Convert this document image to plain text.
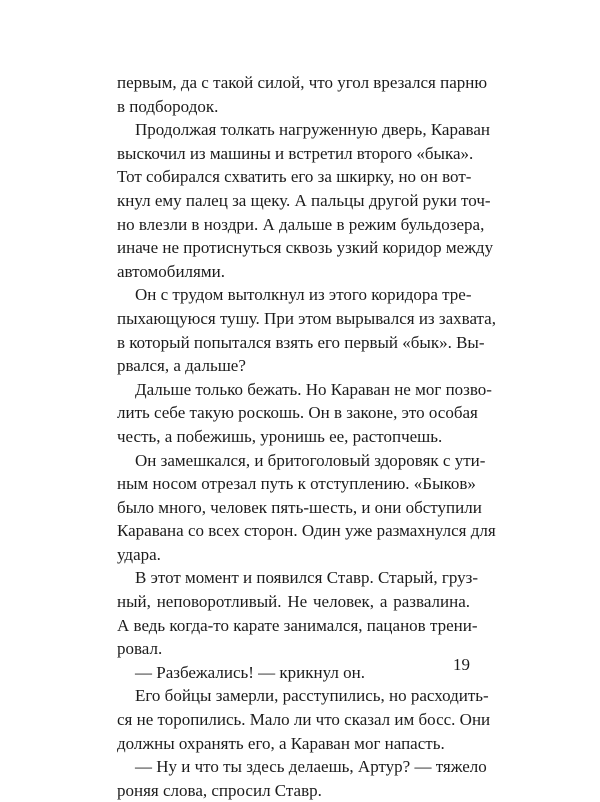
первым, да с такой силой, что угол врезался парню
в подбородок.
Продолжая толкать нагруженную дверь, Караван
выскочил из машины и встретил второго «быка».
Тот собирался схватить его за шкирку, но он вот-
кнул ему палец за щеку. А пальцы другой руки точ-
но влезли в ноздри. А дальше в режим бульдозера,
иначе не протиснуться сквозь узкий коридор между
автомобилями.
Он с трудом вытолкнул из этого коридора тре-
пыхающуюся тушу. При этом вырывался из захвата,
в который попытался взять его первый «бык». Вы-
рвался, а дальше?
Дальше только бежать. Но Караван не мог позво-
лить себе такую роскошь. Он в законе, это особая
честь, а побежишь, уронишь ее, растопчешь.
Он замешкался, и бритоголовый здоровяк с ути-
ным носом отрезал путь к отступлению. «Быков»
было много, человек пять-шесть, и они обступили
Каравана со всех сторон. Один уже размахнулся для
удара.
В этот момент и появился Ставр. Старый, груз-
ный, неповоротливый. Не человек, а развалина.
А ведь когда-то карате занимался, пацанов трени-
ровал.
— Разбежались! — крикнул он.
Его бойцы замерли, расступились, но расходить-
ся не торопились. Мало ли что сказал им босс. Они
должны охранять его, а Караван мог напасть.
— Ну и что ты здесь делаешь, Артур? — тяжело
роняя слова, спросил Ставр.
19
